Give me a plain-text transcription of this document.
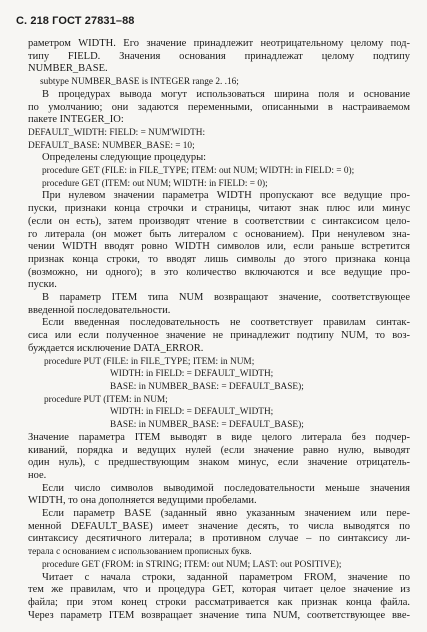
С. 218 ГОСТ 27831–88
раметром WIDTH. Его значение принадлежит неотрицательному целому под-
типу FIELD. Значения основания принадлежат целому подтипу
NUMBER_BASE.
subtype NUMBER_BASE is INTEGER range 2. .16;
В процедурах вывода могут использоваться ширина поля и основание
по умолчанию; они задаются переменными, описанными в настраиваемом
пакете INTEGER_IO:
DEFAULT_WIDTH: FIELD: = NUM'WIDTH:
DEFAULT_BASE: NUMBER_BASE: = 10;
Определены следующие процедуры:
procedure GET (FILE: in FILE_TYPE; ITEM: out NUM; WIDTH: in FIELD: = 0);
procedure GET (ITEM: out NUM; WIDTH: in FIELD: = 0);
При нулевом значении параметра WIDTH пропускают все ведущие про-
пуски, признаки конца строчки и страницы, читают знак плюс или минус
(если он есть), затем производят чтение в соответствии с синтаксисом цело-
го литерала (он может быть литералом с основанием). При ненулевом зна-
чении WIDTH вводят ровно WIDTH символов или, если раньше встретится
признак конца строки, то вводят лишь символы до этого признака конца
(возможно, ни одного); в это количество включаются и все ведущие про-
пуски.
В параметр ITEM типа NUM возвращают значение, соответствующее
введенной последовательности.
Если введенная последовательность не соответствует правилам синтак-
сиса или если полученное значение не принадлежит подтипу NUM, то воз-
буждается исключение DATA_ERROR.
procedure PUT (FILE: in FILE_TYPE; ITEM: in NUM;
WIDTH: in FIELD: = DEFAULT_WIDTH;
BASE: in NUMBER_BASE: = DEFAULT_BASE);
procedure PUT (ITEM: in NUM;
WIDTH: in FIELD: = DEFAULT_WIDTH;
BASE: in NUMBER_BASE: = DEFAULT_BASE);
Значение параметра ITEM выводят в виде целого литерала без подчер-
киваний, порядка и ведущих нулей (если значение равно нулю, выводят
один нуль), с предшествующим знаком минус, если значение отрицатель-
ное.
Если число символов выводимой последовательности меньше значения
WIDTH, то она дополняется ведущими пробелами.
Если параметр BASE (заданный явно указанным значением или пере-
менной DEFAULT_BASE) имеет значение десять, то числа выводятся по
синтаксису десятичного литерала; в противном случае – по синтаксису ли-
терала с основанием с использованием прописных букв.
procedure GET (FROM: in STRING; ITEM: out NUM; LAST: out POSITIVE);
Читает с начала строки, заданной параметром FROM, значение по
тем же правилам, что и процедура GET, которая читает целое значение из
файла; при этом конец строки рассматривается как признак конца файла.
Через параметр ITEM возвращает значение типа NUM, соответствующее вве-
